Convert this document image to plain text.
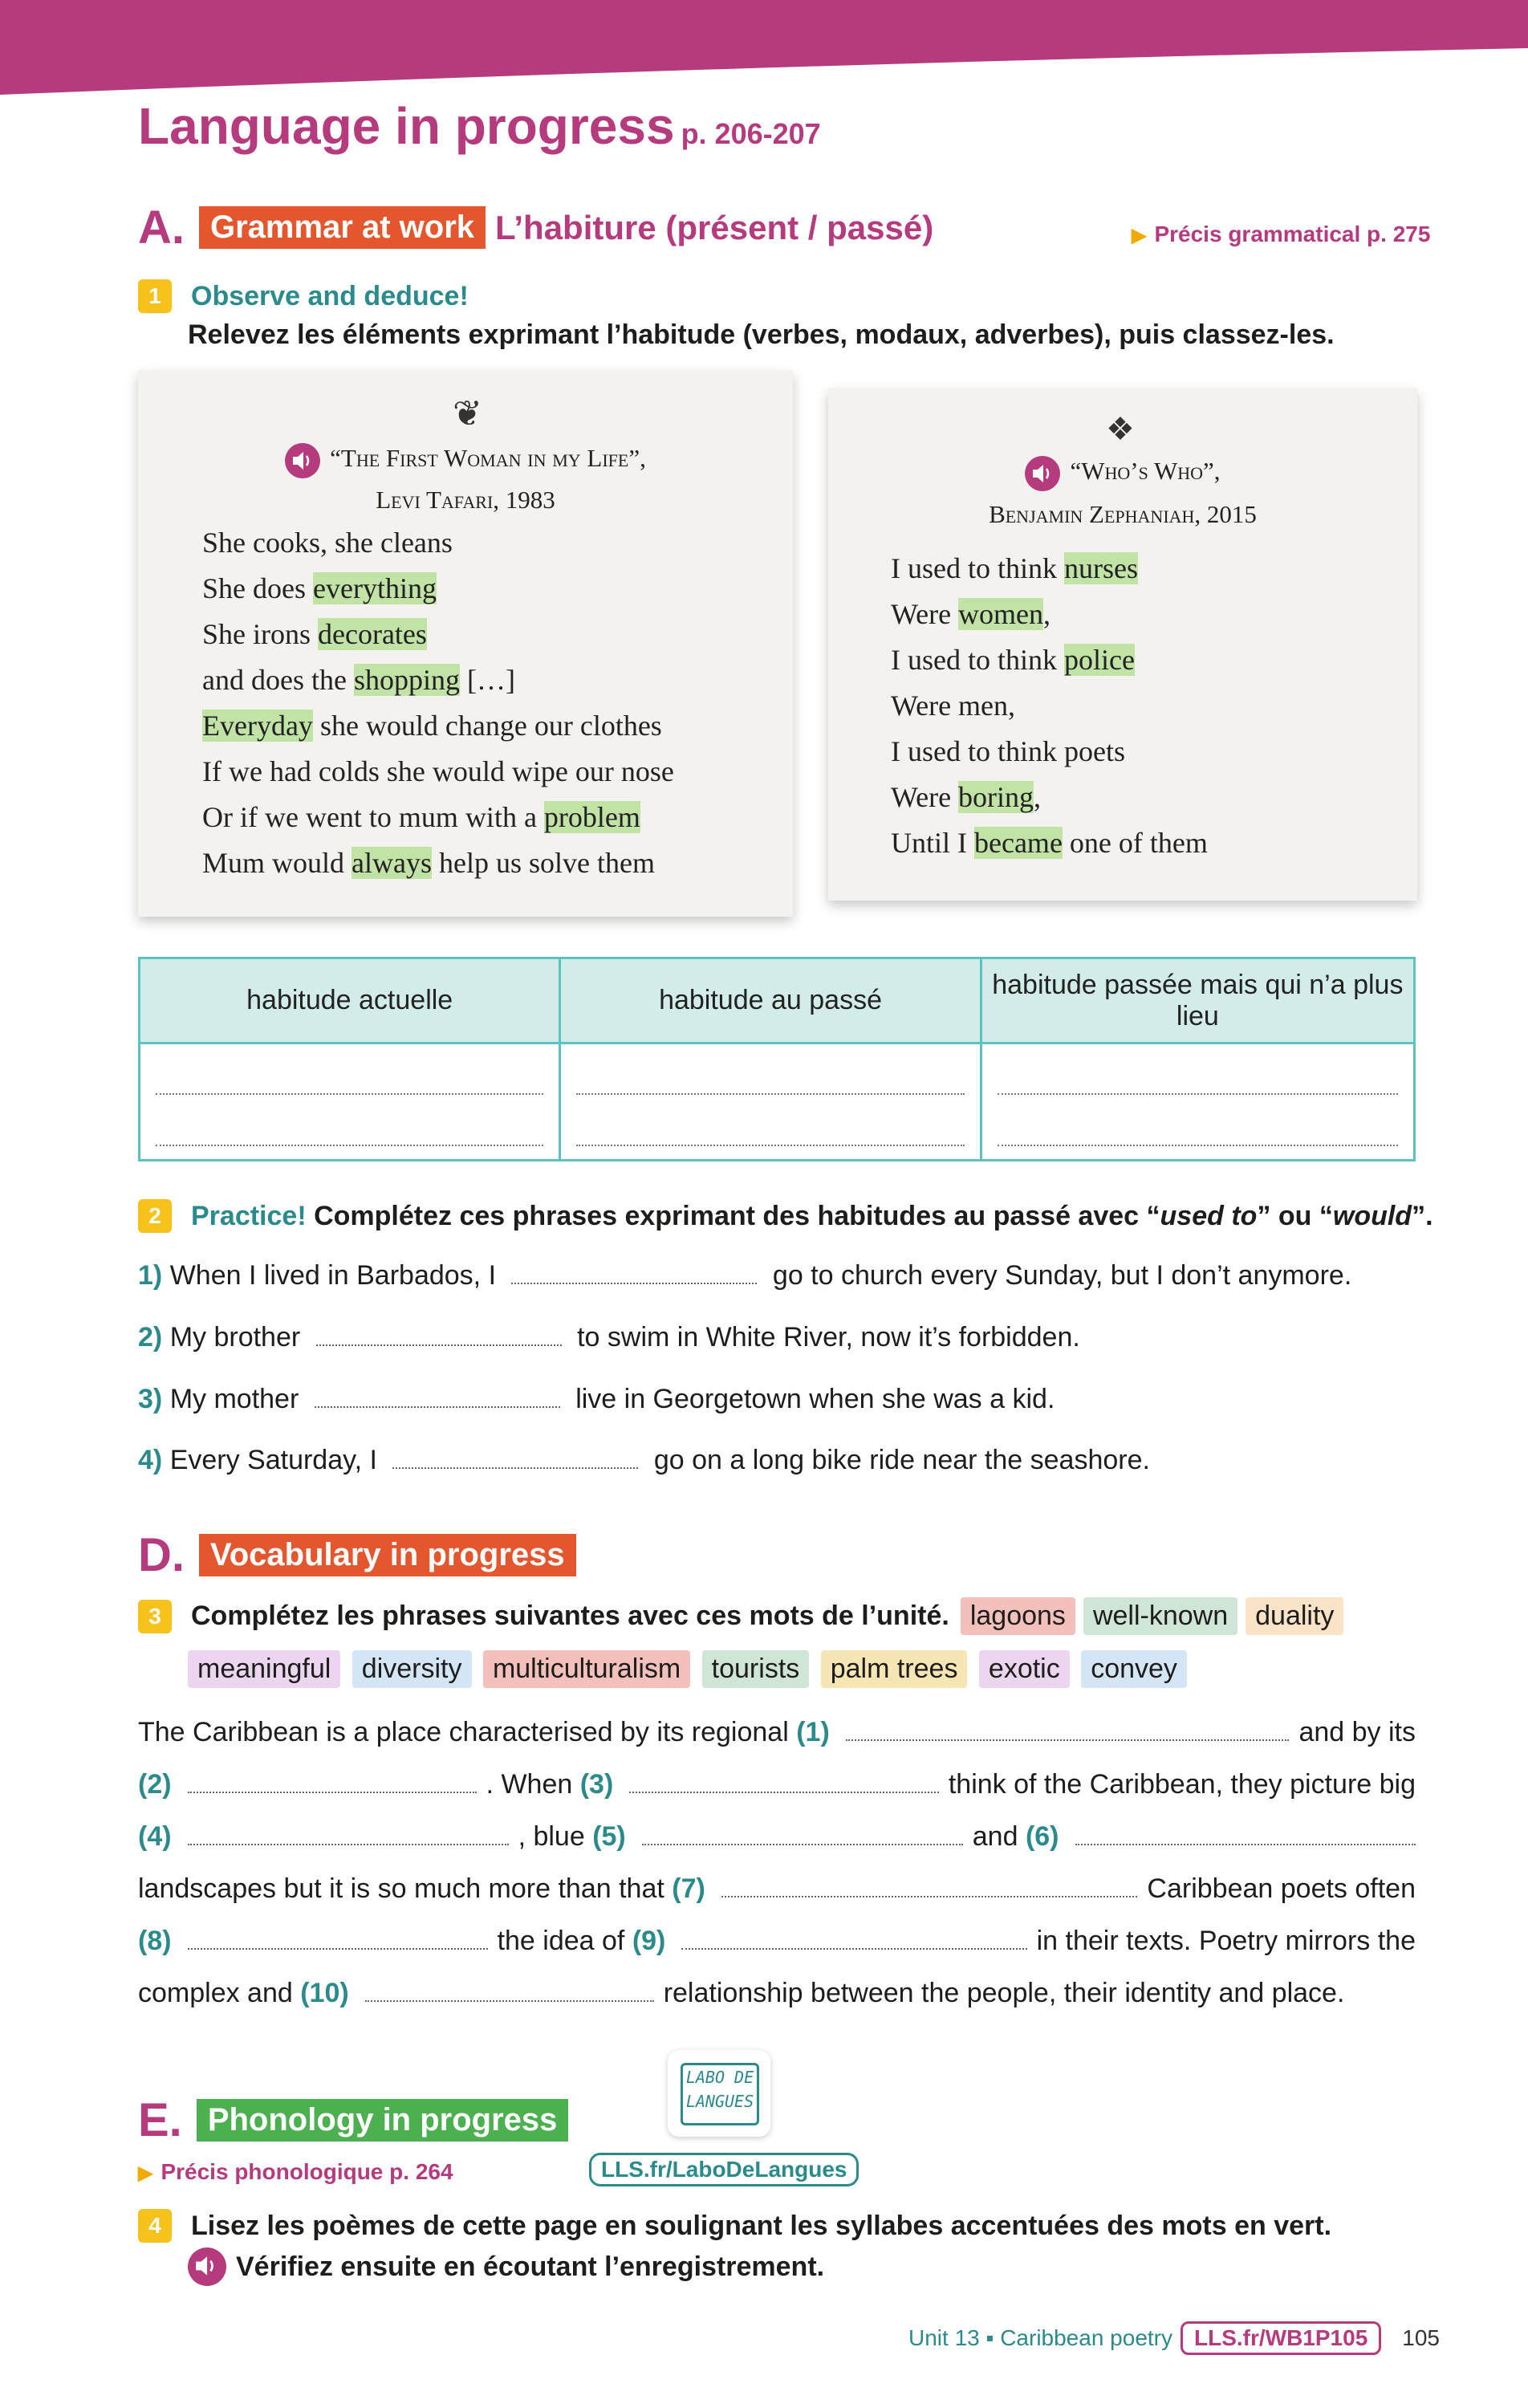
Language in progress p. 206-207
A. Grammar at work L’habiture (présent / passé)	▶ Précis grammatical p. 275
1	Observe and deduce!
Relevez les éléments exprimant l’habitude (verbes, modaux, adverbes), puis classez-les.
❦
“The First Woman in my Life”,
Levi Tafari, 1983
She cooks, she cleans
She does everything
She irons decorates
and does the shopping […]
Everyday she would change our clothes
If we had colds she would wipe our nose
Or if we went to mum with a problem
Mum would always help us solve them
❖
“Who’s Who”,
Benjamin Zephaniah, 2015
I used to think nurses
Were women,
I used to think police
Were men,
I used to think poets
Were boring,
Until I became one of them
habitude actuelle	habitude au passé	habitude passée mais qui n’a plus lieu

2	Practice! Complétez ces phrases exprimant des habitudes au passé avec “used to” ou “would”.
1) When I lived in Barbados, I	go to church every Sunday, but I don’t anymore.
2) My brother	to swim in White River, now it’s forbidden.
3) My mother	live in Georgetown when she was a kid.
4) Every Saturday, I	go on a long bike ride near the seashore.
D. Vocabulary in progress
3	Complétez les phrases suivantes avec ces mots de l’unité. lagoons	well-known	duality
meaningful diversity multiculturalism tourists palm trees exotic convey
The Caribbean is a place characterised by its regional
(1)	and by its
(2)	. When
(3)	think of the Caribbean, they picture big
(4)	, blue
(5)	and
(6)
landscapes but it is so much more than that
(7)	Caribbean poets often
(8)	the idea of
(9)	in their texts. Poetry mirrors the
complex and
(10)	relationship between the people, their identity and place.
E. Phonology in progress
▶ Précis phonologique p. 264
LABO DE
LANGUES
LLS.fr/LaboDeLangues
4	Lisez les poèmes de cette page en soulignant les syllabes accentuées des mots en vert.
Vérifiez ensuite en écoutant l’enregistrement.
Unit 13 ▪ Caribbean poetry LLS.fr/WB1P105	105
